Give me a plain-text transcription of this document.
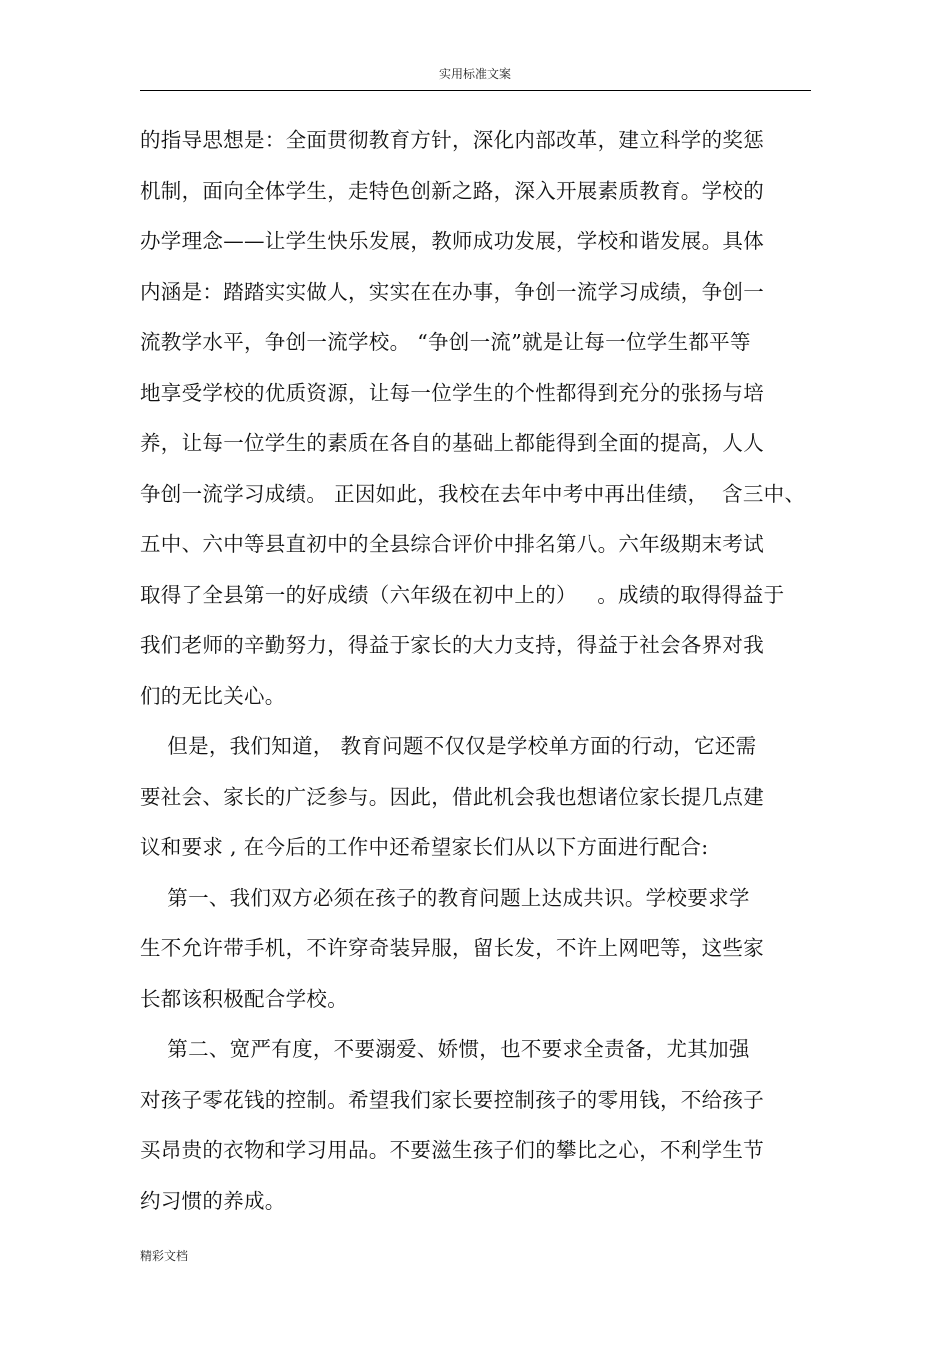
实用标准文案
的指导思想是：全面贯彻教育方针，深化内部改革，建立科学的奖惩
机制，面向全体学生，走特色创新之路，深入开展素质教育。学校的
办学理念——让学生快乐发展，教师成功发展，学校和谐发展。具体
内涵是：踏踏实实做人，实实在在办事，争创一流学习成绩，争创一
流教学水平，争创一流学校。 “争创一流”就是让每一位学生都平等
地享受学校的优质资源，让每一位学生的个性都得到充分的张扬与培
养，让每一位学生的素质在各自的基础上都能得到全面的提高，人人
争创一流学习成绩。 正因如此，我校在去年中考中再出佳绩，  含三中、
五中、六中等县直初中的全县综合评价中排名第八。六年级期末考试
取得了全县第一的好成绩（六年级在初中上的）   。成绩的取得得益于
我们老师的辛勤努力，得益于家长的大力支持，得益于社会各界对我
们的无比关心。
但是，我们知道， 教育问题不仅仅是学校单方面的行动，它还需
要社会、家长的广泛参与。因此，借此机会我也想诸位家长提几点建
议和要求 , 在今后的工作中还希望家长们从以下方面进行配合:
第一、我们双方必须在孩子的教育问题上达成共识。学校要求学
生不允许带手机，不许穿奇装异服，留长发，不许上网吧等，这些家
长都该积极配合学校。
第二、宽严有度，不要溺爱、娇惯，也不要求全责备，尤其加强
对孩子零花钱的控制。希望我们家长要控制孩子的零用钱，不给孩子
买昂贵的衣物和学习用品。不要滋生孩子们的攀比之心，不利学生节
约习惯的养成。
精彩文档
